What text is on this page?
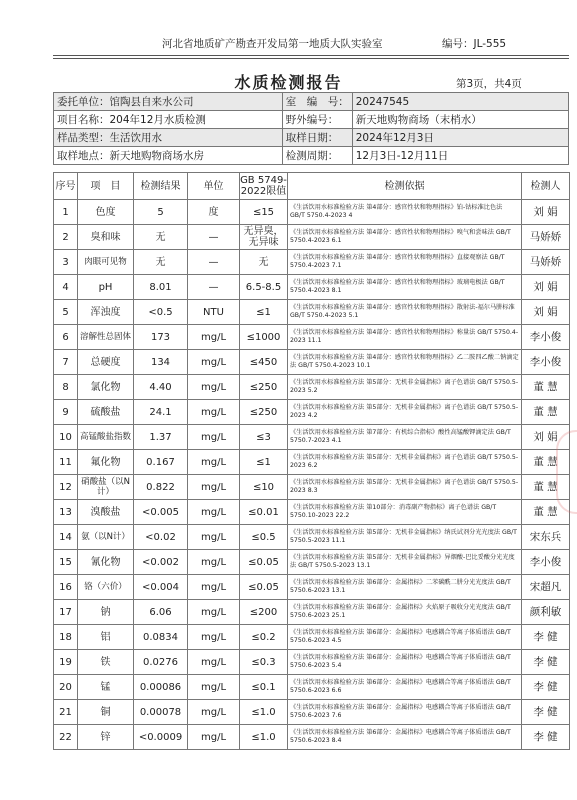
河北省地质矿产勘查开发局第一地质大队实验室	编号：JL-555
水质检测报告	第3页，共4页
委托单位：馆陶县自来水公司	室　编　号：	20247545
项目名称：204年12月水质检测	野外编号：	新天地购物商场（末梢水）
样品类型：生活饮用水	取样日期：	2024年12月3日
取样地点：新天地购物商场水房	检测周期：	12月3日-12月11日
序号	项　目	检测结果	单位	GB 5749-2022限值	检测依据	检测人
1	色度	5	度	≤15	《生活饮用水标准检验方法 第4部分：感官性状和物理指标》铂-钴标准比色法 GB/T 5750.4-2023 4	刘 娟
2	臭和味	无	—	无异臭，无异味	《生活饮用水标准检验方法 第4部分：感官性状和物理指标》嗅气和尝味法 GB/T 5750.4-2023 6.1	马娇娇
3	肉眼可见物	无	—	无	《生活饮用水标准检验方法 第4部分：感官性状和物理指标》直接观察法 GB/T 5750.4-2023 7.1	马娇娇
4	pH	8.01	—	6.5-8.5	《生活饮用水标准检验方法 第4部分：感官性状和物理指标》玻璃电极法 GB/T 5750.4-2023 8.1	刘 娟
5	浑浊度	<0.5	NTU	≤1	《生活饮用水标准检验方法 第4部分：感官性状和物理指标》散射法-福尔马肼标准 GB/T 5750.4-2023 5.1	刘 娟
6	溶解性总固体	173	mg/L	≤1000	《生活饮用水标准检验方法 第4部分：感官性状和物理指标》称量法 GB/T 5750.4-2023 11.1	李小俊
7	总硬度	134	mg/L	≤450	《生活饮用水标准检验方法 第4部分：感官性状和物理指标》乙二胺四乙酸二钠滴定法 GB/T 5750.4-2023 10.1	李小俊
8	氯化物	4.40	mg/L	≤250	《生活饮用水标准检验方法 第5部分：无机非金属指标》离子色谱法 GB/T 5750.5-2023 5.2	董 慧
9	硫酸盐	24.1	mg/L	≤250	《生活饮用水标准检验方法 第5部分：无机非金属指标》离子色谱法 GB/T 5750.5-2023 4.2	董 慧
10	高锰酸盐指数	1.37	mg/L	≤3	《生活饮用水标准检验方法 第7部分：有机综合指标》酸性高锰酸钾滴定法 GB/T 5750.7-2023 4.1	刘 娟
11	氟化物	0.167	mg/L	≤1	《生活饮用水标准检验方法 第5部分：无机非金属指标》离子色谱法 GB/T 5750.5-2023 6.2	董 慧
12	硝酸盐（以N计）	0.822	mg/L	≤10	《生活饮用水标准检验方法 第5部分：无机非金属指标》离子色谱法 GB/T 5750.5-2023 8.3	董 慧
13	溴酸盐	<0.005	mg/L	≤0.01	《生活饮用水标准检验方法 第10部分：消毒副产物指标》离子色谱法 GB/T 5750.10-2023 22.2	董 慧
14	氨（以N计）	<0.02	mg/L	≤0.5	《生活饮用水标准检验方法 第5部分：无机非金属指标》纳氏试剂分光光度法 GB/T 5750.5-2023 11.1	宋东兵
15	氰化物	<0.002	mg/L	≤0.05	《生活饮用水标准检验方法 第5部分：无机非金属指标》异烟酸-巴比妥酸分光光度法 GB/T 5750.5-2023 13.1	李小俊
16	铬（六价）	<0.004	mg/L	≤0.05	《生活饮用水标准检验方法 第6部分：金属指标》二苯碳酰二肼分光光度法 GB/T 5750.6-2023 13.1	宋超凡
17	钠	6.06	mg/L	≤200	《生活饮用水标准检验方法 第6部分：金属指标》火焰原子吸收分光光度法 GB/T 5750.6-2023 25.1	颜利敏
18	铝	0.0834	mg/L	≤0.2	《生活饮用水标准检验方法 第6部分：金属指标》电感耦合等离子体质谱法 GB/T 5750.6-2023 4.5	李 健
19	铁	0.0276	mg/L	≤0.3	《生活饮用水标准检验方法 第6部分：金属指标》电感耦合等离子体质谱法 GB/T 5750.6-2023 5.4	李 健
20	锰	0.00086	mg/L	≤0.1	《生活饮用水标准检验方法 第6部分：金属指标》电感耦合等离子体质谱法 GB/T 5750.6-2023 6.6	李 健
21	铜	0.00078	mg/L	≤1.0	《生活饮用水标准检验方法 第6部分：金属指标》电感耦合等离子体质谱法 GB/T 5750.6-2023 7.6	李 健
22	锌	<0.0009	mg/L	≤1.0	《生活饮用水标准检验方法 第6部分：金属指标》电感耦合等离子体质谱法 GB/T 5750.6-2023 8.4	李 健
